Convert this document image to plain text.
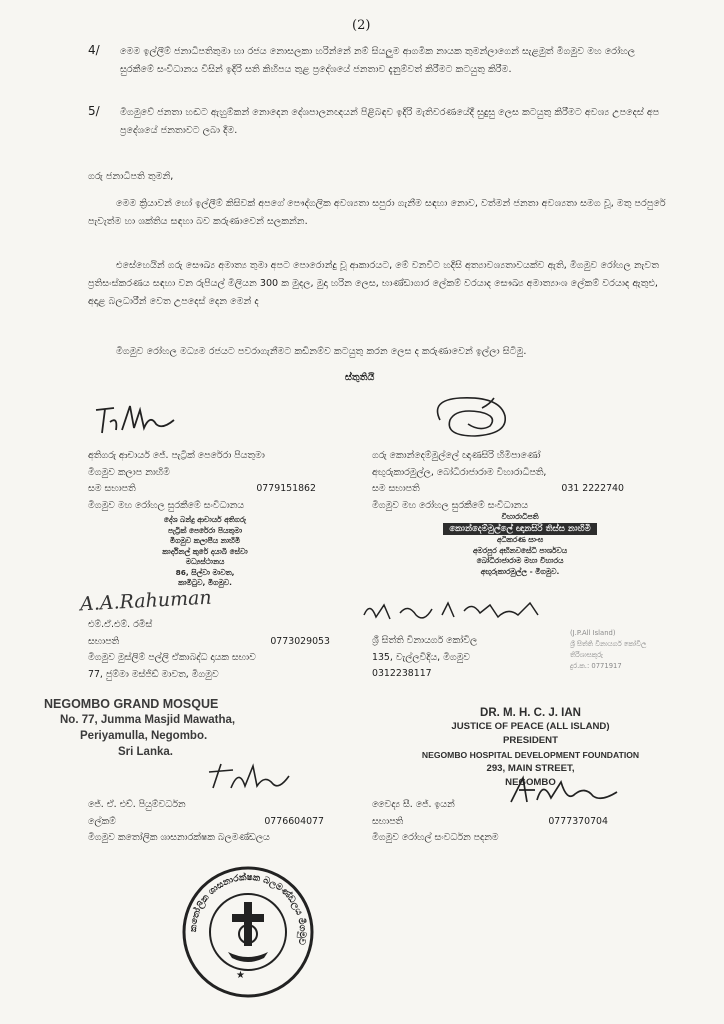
(2)
4/ මෙම ඉල්ලීම් ජනාධිපතිතුමා හා රජය නොසලකා හරින්නේ නම් සියලුම ආගමික නායක තුමන්ලාගෙන් සැළමුත් මීගමුව මහ රෝහල සුරකීමේ සංවිධානය විසින් ඉදිරි සති කිහිපය තුළ ප්‍රදේශයේ ජනතාව දැනුම්වත් කිරීමට කටයුතු කිරීම.
5/ මීගමුවේ ජනතා හඬට ඇහුම්කන් නොදෙන දේශපාලනඥයන් පිළිබඳව ඉදිරි මැතිවරණයේදී සුදුසු ලෙස කටයුතු කිරීමට අවශ්‍ය උපදෙස් අප ප්‍රදේශයේ ජනතාවට ලබා දීම.
ගරු ජනාධිපති තුමනි,
මෙම ක්‍රියාවන් හෝ ඉල්ලීම් කිසිවක් අපගේ පෞද්ගලික අවශ්‍යතා සපුරා ගැනීම සඳහා නොව, වත්මන් ජනතා අවශ්‍යතා සමග වූ, මතු පරපුරේ පැවැත්ම හා ශක්තිය සඳහා බව කරුණාවෙන් සලකන්න.
එසේහෙයින් ගරු සෞඛ්‍ය අමාත්‍ය තුමා අපට පොරොන්දු වූ ආකාරයට, මේ වනවිට හදිසි අත්‍යාවශ්‍යතාවයක්ව ඇති, මීගමුව රෝහල නැවත ප්‍රතිසංස්කරණය සඳහා වන රුපියල් මිලියන 300 ක මුදල, මුදා හරින ලෙස, භාණ්ඩාගාර ලේකම් වරයාද සෞඛ්‍ය අමාත්‍යාංශ ලේකම් වරයාද ඇතුළු, අදාළ බලධාරීන් වෙත උපදෙස් දෙන මෙන් ද
මීගමුව රෝහල මධ්‍යම රජයට පවරාගැනීමට කඩිනම්ව කටයුතු කරන ලෙස ද කරුණාවෙන් ඉල්ලා සිටිමු.
ස්තුතියි
අතිගරු ආචාර්ය ජේ. පැට්‍රික් පෙරේරා පියතුමා
මීගමුව කලාප නාහිමි
සම සභාපති	0779151862
මීගමුව මහ රෝහල සුරකීමේ සංවිධානය
දේශ බන්දු ආචාර්ය අතිගරු
පැට්‍රික් පෙරේරා පියතුමා
මීගමුව කලාපීය නාහිමි
කාර්දිනල් කුරේ දයාබි සේවා
මධ්‍යස්ථානය
86, සිල්වා මාවත,
කාමිටුව, මීගමුව.
ගරු කොන්දෙම්මුල්ලේ ඥාණසිරි හිමිපාණෝ
අඟුරුකාරමුල්ල, බෝධිරාජාරාම විහාරාධිපති,
සම සභාපති	031 2222740
මීගමුව මහ රෝහල සුරකීමේ සංවිධානය
විහාරාධිපති
කොන්දෙම්මුල්ලේ ඥානසිරි තිස්ස නාහිමි
අධිකරණ සාංඝ
අමරපුර අභිනවසේධි පාර්ශවය
බෝධිරාජාරාම මහා විහාරය
අඟුරුකාරමුල්ල - මීගමුව.
A.A.Rahuman
එම්.ඒ.එම්. රමීස්
සභාපති	0773029053
මීගමුව මුස්ලිම් පල්ලි ඒකාබද්ධ දායක සභාව
77, ජුම්මා මස්ජිඩ් මාවත, මීගමුව
NEGOMBO GRAND MOSQUE
No. 77, Jumma Masjid Mawatha,
Periyamulla, Negombo.
Sri Lanka.
ශ්‍රී සිත්ති විනායගර් කෝවිල
135, වැල්ලවීදිය, මීගමුව
0312238117
(J.P.All Island)
ශ්‍රී සිත්ති විනායගර් කෝවිල
තිරිශාසකුරු
දුර.ක.: 0771917
ජේ. ඒ. එච්. පියුම්වර්ධන
ලේකම්	0776604077
මීගමුව කතෝලික ශාසනාරක්ෂක බලමණ්ඩලය
කතෝලික ශාසනාරක්ෂක බලමණ්ඩලය මීගමුව
★
DR. M. H. C. J. IAN
JUSTICE OF PEACE (ALL ISLAND)
PRESIDENT
NEGOMBO HOSPITAL DEVELOPMENT FOUNDATION
293, MAIN STREET,
NEGOMBO
වෛද්‍ය සී. ජේ. ඉයන්
සභාපති	0777370704
මීගමුව රෝහල් සංවර්ධන පදනම
